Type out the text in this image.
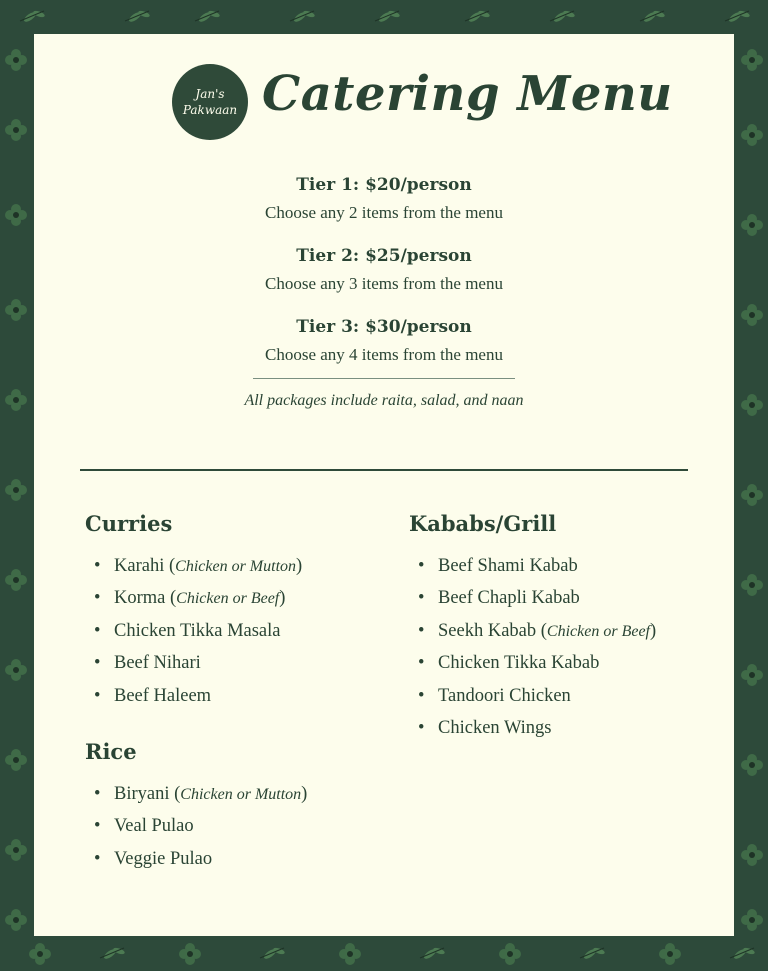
Jan's
Pakwaan Catering Menu
Tier 1: $20/person
Choose any 2 items from the menu
Tier 2: $25/person
Choose any 3 items from the menu
Tier 3: $30/person
Choose any 4 items from the menu
All packages include raita, salad, and naan
Curries
• Karahi (Chicken or Mutton)
• Korma (Chicken or Beef)
• Chicken Tikka Masala
• Beef Nihari
• Beef Haleem
Rice
• Biryani (Chicken or Mutton)
• Veal Pulao
• Veggie Pulao
Kababs/Grill
• Beef Shami Kabab
• Beef Chapli Kabab
• Seekh Kabab (Chicken or Beef)
• Chicken Tikka Kabab
• Tandoori Chicken
• Chicken Wings
